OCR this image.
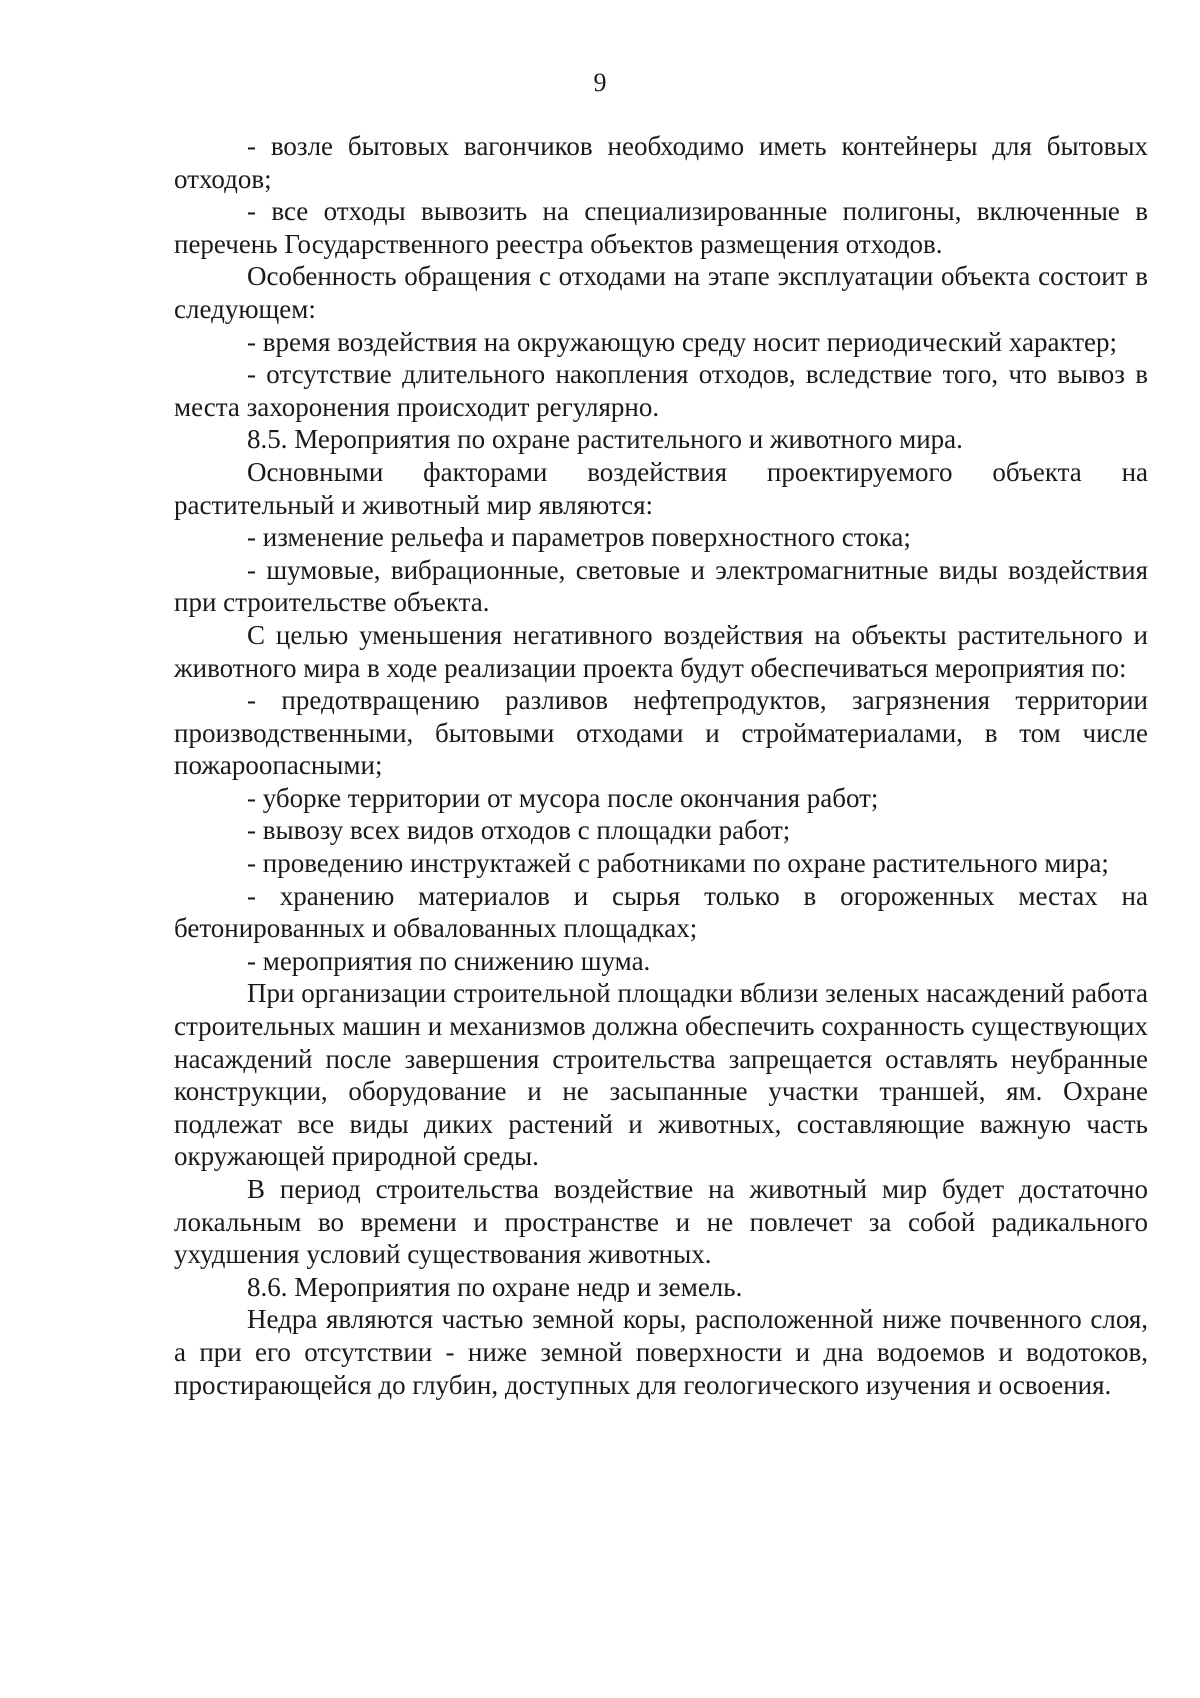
9

- возле бытовых вагончиков необходимо иметь контейнеры для бытовых отходов;

- все отходы вывозить на специализированные полигоны, включенные в перечень Государственного реестра объектов размещения отходов.

Особенность обращения с отходами на этапе эксплуатации объекта состоит в следующем:

- время воздействия на окружающую среду носит периодический характер;

- отсутствие длительного накопления отходов, вследствие того, что вывоз в места захоронения происходит регулярно.

8.5. Мероприятия по охране растительного и животного мира.

Основными факторами воздействия проектируемого объекта на растительный и животный мир являются:

- изменение рельефа и параметров поверхностного стока;

- шумовые, вибрационные, световые и электромагнитные виды воздействия при строительстве объекта.

С целью уменьшения негативного воздействия на объекты растительного и животного мира в ходе реализации проекта будут обеспечиваться мероприятия по:

- предотвращению разливов нефтепродуктов, загрязнения территории производственными, бытовыми отходами и стройматериалами, в том числе пожароопасными;

- уборке территории от мусора после окончания работ;

- вывозу всех видов отходов с площадки работ;

- проведению инструктажей с работниками по охране растительного мира;

- хранению материалов и сырья только в огороженных местах на бетонированных и обвалованных площадках;

- мероприятия по снижению шума.

При организации строительной площадки вблизи зеленых насаждений работа строительных машин и механизмов должна обеспечить сохранность существующих насаждений после завершения строительства запрещается оставлять неубранные конструкции, оборудование и не засыпанные участки траншей, ям. Охране подлежат все виды диких растений и животных, составляющие важную часть окружающей природной среды.

В период строительства воздействие на животный мир будет достаточно локальным во времени и пространстве и не повлечет за собой радикального ухудшения условий существования животных.

8.6. Мероприятия по охране недр и земель.

Недра являются частью земной коры, расположенной ниже почвенного слоя, а при его отсутствии - ниже земной поверхности и дна водоемов и водотоков, простирающейся до глубин, доступных для геологического изучения и освоения.
